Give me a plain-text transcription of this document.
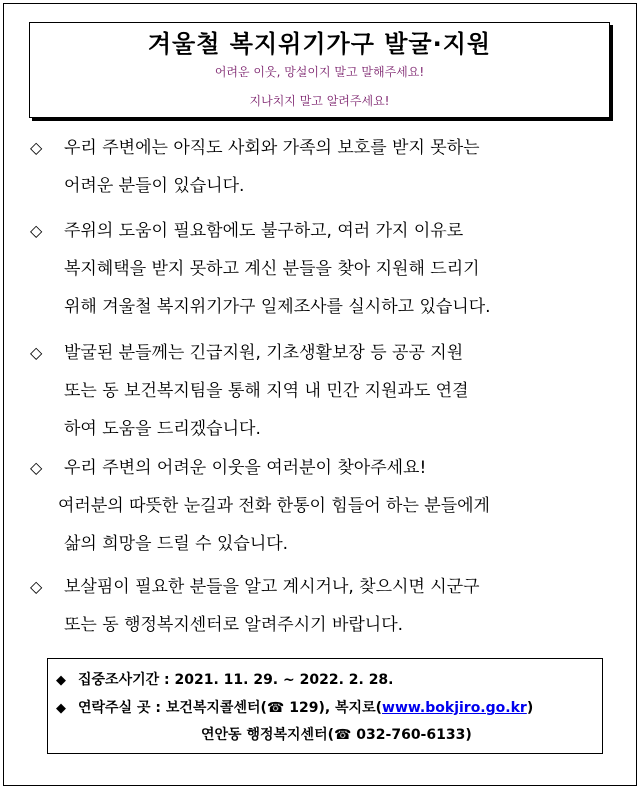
겨울철 복지위기가구 발굴·지원
어려운 이웃, 망설이지 말고 말해주세요!
지나치지 말고 알려주세요!
◇ 우리 주변에는 아직도 사회와 가족의 보호를 받지 못하는
어려운 분들이 있습니다.
◇ 주위의 도움이 필요함에도 불구하고, 여러 가지 이유로
복지혜택을 받지 못하고 계신 분들을 찾아 지원해 드리기
위해 겨울철 복지위기가구 일제조사를 실시하고 있습니다.
◇ 발굴된 분들께는 긴급지원, 기초생활보장 등 공공 지원
또는 동 보건복지팀을 통해 지역 내 민간 지원과도 연결
하여 도움을 드리겠습니다.
◇ 우리 주변의 어려운 이웃을 여러분이 찾아주세요!
여러분의 따뜻한 눈길과 전화 한통이 힘들어 하는 분들에게
삶의 희망을 드릴 수 있습니다.
◇ 보살핌이 필요한 분들을 알고 계시거나, 찾으시면 시군구
또는 동 행정복지센터로 알려주시기 바랍니다.
◆ 집중조사기간 : 2021. 11. 29. ~ 2022. 2. 28.
◆ 연락주실 곳 : 보건복지콜센터(☎ 129), 복지로(www.bokjiro.go.kr)
연안동 행정복지센터(☎ 032-760-6133)
